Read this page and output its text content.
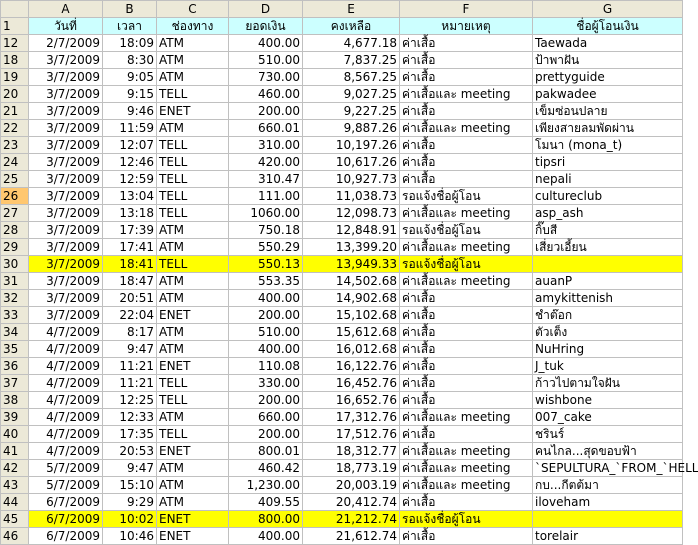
	A	B	C	D	E	F	G
1	วันที่	เวลา	ช่องทาง	ยอดเงิน	คงเหลือ	หมายเหตุ	ชื่อผู้โอนเงิน
12	2/7/2009	18:09	ATM	400.00	4,677.18	ค่าเสื้อ	Taewada
18	3/7/2009	8:30	ATM	510.00	7,837.25	ค่าเสื้อ	ป้าพาฝัน
19	3/7/2009	9:05	ATM	730.00	8,567.25	ค่าเสื้อ	prettyguide
20	3/7/2009	9:15	TELL	460.00	9,027.25	ค่าเสื้อและ meeting	pakwadee
21	3/7/2009	9:46	ENET	200.00	9,227.25	ค่าเสื้อ	เข็มซ่อนปลาย
22	3/7/2009	11:59	ATM	660.01	9,887.26	ค่าเสื้อและ meeting	เพียงสายลมพัดผ่าน
23	3/7/2009	12:07	TELL	310.00	10,197.26	ค่าเสื้อ	โมนา (mona_t)
24	3/7/2009	12:46	TELL	420.00	10,617.26	ค่าเสื้อ	tipsri
25	3/7/2009	12:59	TELL	310.47	10,927.73	ค่าเสื้อ	nepali
26	3/7/2009	13:04	TELL	111.00	11,038.73	รอแจ้งชื่อผู้โอน	cultureclub
27	3/7/2009	13:18	TELL	1060.00	12,098.73	ค่าเสื้อและ meeting	asp_ash
28	3/7/2009	17:39	ATM	750.18	12,848.91	รอแจ้งชื่อผู้โอน	กิ๊บสี
29	3/7/2009	17:41	ATM	550.29	13,399.20	ค่าเสื้อและ meeting	เสี่ยวเอี้ยน
30	3/7/2009	18:41	TELL	550.13	13,949.33	รอแจ้งชื่อผู้โอน	
31	3/7/2009	18:47	ATM	553.35	14,502.68	ค่าเสื้อและ meeting	auanP
32	3/7/2009	20:51	ATM	400.00	14,902.68	ค่าเสื้อ	amykittenish
33	3/7/2009	22:04	ENET	200.00	15,102.68	ค่าเสื้อ	ชำต๊อก
34	4/7/2009	8:17	ATM	510.00	15,612.68	ค่าเสื้อ	ตัวเต็ง
35	4/7/2009	9:47	ATM	400.00	16,012.68	ค่าเสื้อ	NuHring
36	4/7/2009	11:21	ENET	110.08	16,122.76	ค่าเสื้อ	J_tuk
37	4/7/2009	11:21	TELL	330.00	16,452.76	ค่าเสื้อ	ก้าวไปตามใจฝัน
38	4/7/2009	12:25	TELL	200.00	16,652.76	ค่าเสื้อ	wishbone
39	4/7/2009	12:33	ATM	660.00	17,312.76	ค่าเสื้อและ meeting	007_cake
40	4/7/2009	17:35	TELL	200.00	17,512.76	ค่าเสื้อ	ชรินร์
41	4/7/2009	20:53	ENET	800.01	18,312.77	ค่าเสื้อและ meeting	คนไกล...สุดขอบฟ้า
42	5/7/2009	9:47	ATM	460.42	18,773.19	ค่าเสื้อและ meeting	`SEPULTURA_`FROM_`HELL
43	5/7/2009	15:10	ATM	1,230.00	20,003.19	ค่าเสื้อและ meeting	กบ...กีตต้มา
44	6/7/2009	9:29	ATM	409.55	20,412.74	ค่าเสื้อ	iloveham
45	6/7/2009	10:02	ENET	800.00	21,212.74	รอแจ้งชื่อผู้โอน	
46	6/7/2009	10:46	ENET	400.00	21,612.74	ค่าเสื้อ	torelair
